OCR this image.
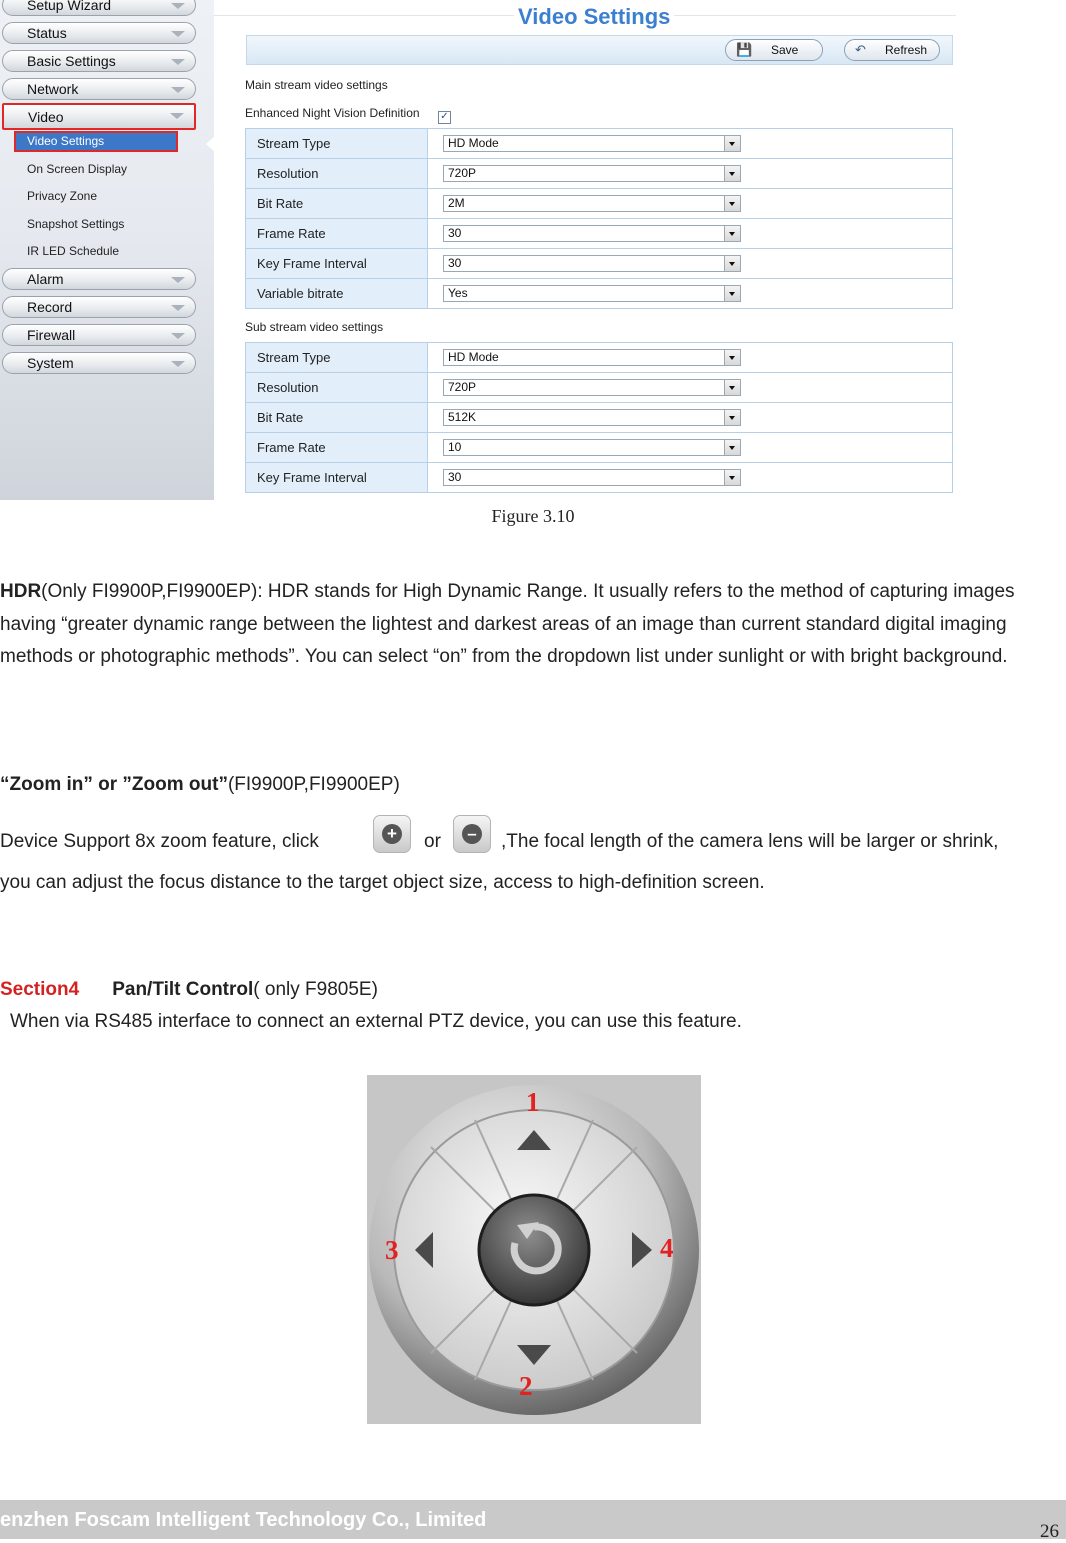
Setup Wizard
Status
Basic Settings
Network
Video
Video Settings
On Screen Display
Privacy Zone
Snapshot Settings
IR LED Schedule
Alarm
Record
Firewall
System
Video Settings
💾 Save	↶ Refresh
Main stream video settings
Enhanced Night Vision Definition ✓
Stream Type	HD Mode

Resolution	720P

Bit Rate	2M

Frame Rate	30

Key Frame Interval	30

Variable bitrate	Yes
Sub stream video settings
Stream Type	HD Mode

Resolution	720P

Bit Rate	512K

Frame Rate	10

Key Frame Interval	30
Figure 3.10
HDR(Only FI9900P,FI9900EP): HDR stands for High Dynamic Range. It usually refers to the method of capturing images having “greater dynamic range between the lightest and darkest areas of an image than current standard digital imaging methods or photographic methods”. You can select “on” from the dropdown list under sunlight or with bright background.
“Zoom in” or ”Zoom out”(FI9900P,FI9900EP)
Device Support 8x zoom feature, click	+ or	– ,The focal length of the camera lens will be larger or shrink,
you can adjust the focus distance to the target object size, access to high-definition screen.
Section4 Pan/Tilt Control( only F9805E)
When via RS485 interface to connect an external PTZ device, you can use this feature.
1
2
3	4
enzhen Foscam Intelligent Technology Co., Limited
26
